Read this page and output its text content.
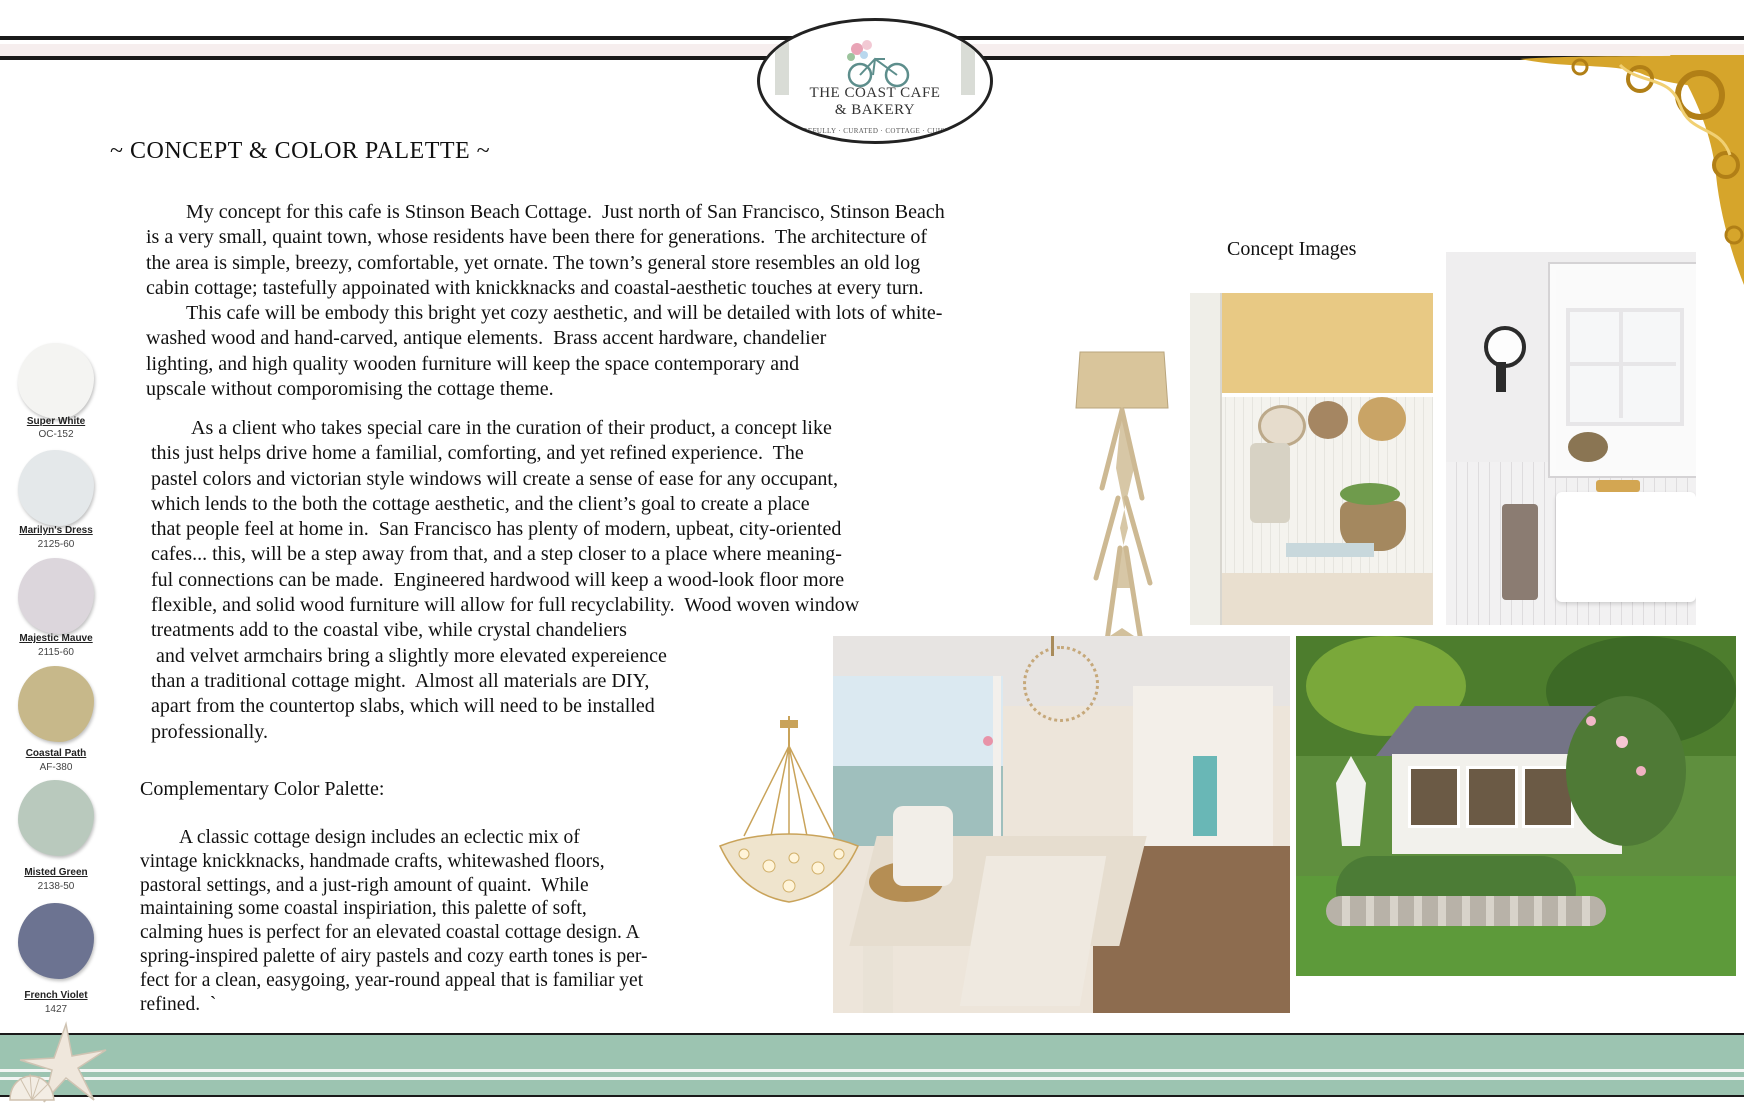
THE COAST CAFE
& BAKERY
CAREFULLY · CURATED · COTTAGE · CUISINE
~ CONCEPT & COLOR PALETTE ~

My concept for this cafe is Stinson Beach Cottage.  Just north of San Francisco, Stinson Beach
is a very small, quaint town, whose residents have been there for generations.  The architecture of
the area is simple, breezy, comfortable, yet ornate. The town’s general store resembles an old log
cabin cottage; tastefully appoinated with knickknacks and coastal-aesthetic touches at every turn.
This cafe will be embody this bright yet cozy aesthetic, and will be detailed with lots of white-
washed wood and hand-carved, antique elements.  Brass accent hardware, chandelier
lighting, and high quality wooden furniture will keep the space contemporary and
upscale without comporomising the cottage theme.

As a client who takes special care in the curation of their product, a concept like
this just helps drive home a familial, comforting, and yet refined experience.  The
pastel colors and victorian style windows will create a sense of ease for any occupant,
which lends to the both the cottage aesthetic, and the client’s goal to create a place
that people feel at home in.  San Francisco has plenty of modern, upbeat, city-oriented
cafes... this, will be a step away from that, and a step closer to a place where meaning-
ful connections can be made.  Engineered hardwood will keep a wood-look floor more
flexible, and solid wood furniture will allow for full recyclability.  Wood woven window
treatments add to the coastal vibe, while crystal chandeliers
and velvet armchairs bring a slightly more elevated expereience
than a traditional cottage might.  Almost all materials are DIY,
apart from the countertop slabs, which will need to be installed
professionally.

Complementary Color Palette:

A classic cottage design includes an eclectic mix of
vintage knickknacks, handmade crafts, whitewashed floors,
pastoral settings, and a just-righ amount of quaint.  While
maintaining some coastal inspiriation, this palette of soft,
calming hues is perfect for an elevated coastal cottage design. A
spring-inspired palette of airy pastels and cozy earth tones is per-
fect for a clean, easygoing, year-round appeal that is familiar yet
refined.  `

Concept Images
Super White
OC-152
Marilyn's Dress
2125-60
Majestic Mauve
2115-60
Coastal Path
AF-380
Misted Green
2138-50
French Violet
1427
